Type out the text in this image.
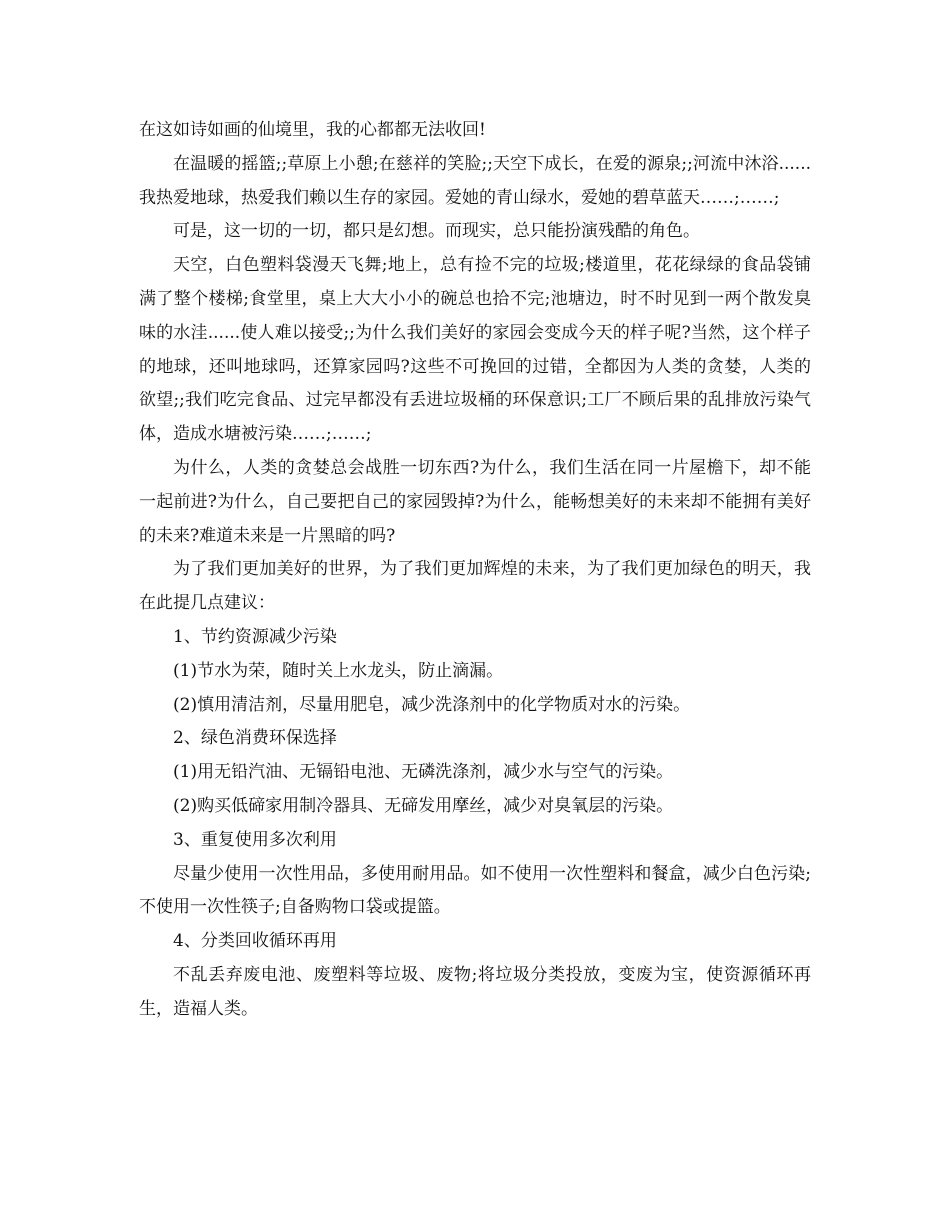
在这如诗如画的仙境里，我的心都都无法收回!

在温暖的摇篮;;草原上小憩;在慈祥的笑脸;;天空下成长，在爱的源泉;;河流中沐浴......我热爱地球，热爱我们赖以生存的家园。爱她的青山绿水，爱她的碧草蓝天……;……;

可是，这一切的一切，都只是幻想。而现实，总只能扮演残酷的角色。

天空，白色塑料袋漫天飞舞;地上，总有捡不完的垃圾;楼道里，花花绿绿的食品袋铺满了整个楼梯;食堂里，桌上大大小小的碗总也拾不完;池塘边，时不时见到一两个散发臭味的水洼......使人难以接受;;为什么我们美好的家园会变成今天的样子呢?当然，这个样子的地球，还叫地球吗，还算家园吗?这些不可挽回的过错，全都因为人类的贪婪，人类的欲望;;我们吃完食品、过完早都没有丢进垃圾桶的环保意识;工厂不顾后果的乱排放污染气体，造成水塘被污染……;……;

为什么，人类的贪婪总会战胜一切东西?为什么，我们生活在同一片屋檐下，却不能一起前进?为什么，自己要把自己的家园毁掉?为什么，能畅想美好的未来却不能拥有美好的未来?难道未来是一片黑暗的吗?

为了我们更加美好的世界，为了我们更加辉煌的未来，为了我们更加绿色的明天，我在此提几点建议：

1、节约资源减少污染

(1)节水为荣，随时关上水龙头，防止滴漏。

(2)慎用清洁剂，尽量用肥皂，减少洗涤剂中的化学物质对水的污染。

2、绿色消费环保选择

(1)用无铅汽油、无镉铅电池、无磷洗涤剂，减少水与空气的污染。

(2)购买低碲家用制冷器具、无碲发用摩丝，减少对臭氧层的污染。

3、重复使用多次利用

尽量少使用一次性用品，多使用耐用品。如不使用一次性塑料和餐盒，减少白色污染;不使用一次性筷子;自备购物口袋或提篮。

4、分类回收循环再用

不乱丢弃废电池、废塑料等垃圾、废物;将垃圾分类投放，变废为宝，使资源循环再生，造福人类。
